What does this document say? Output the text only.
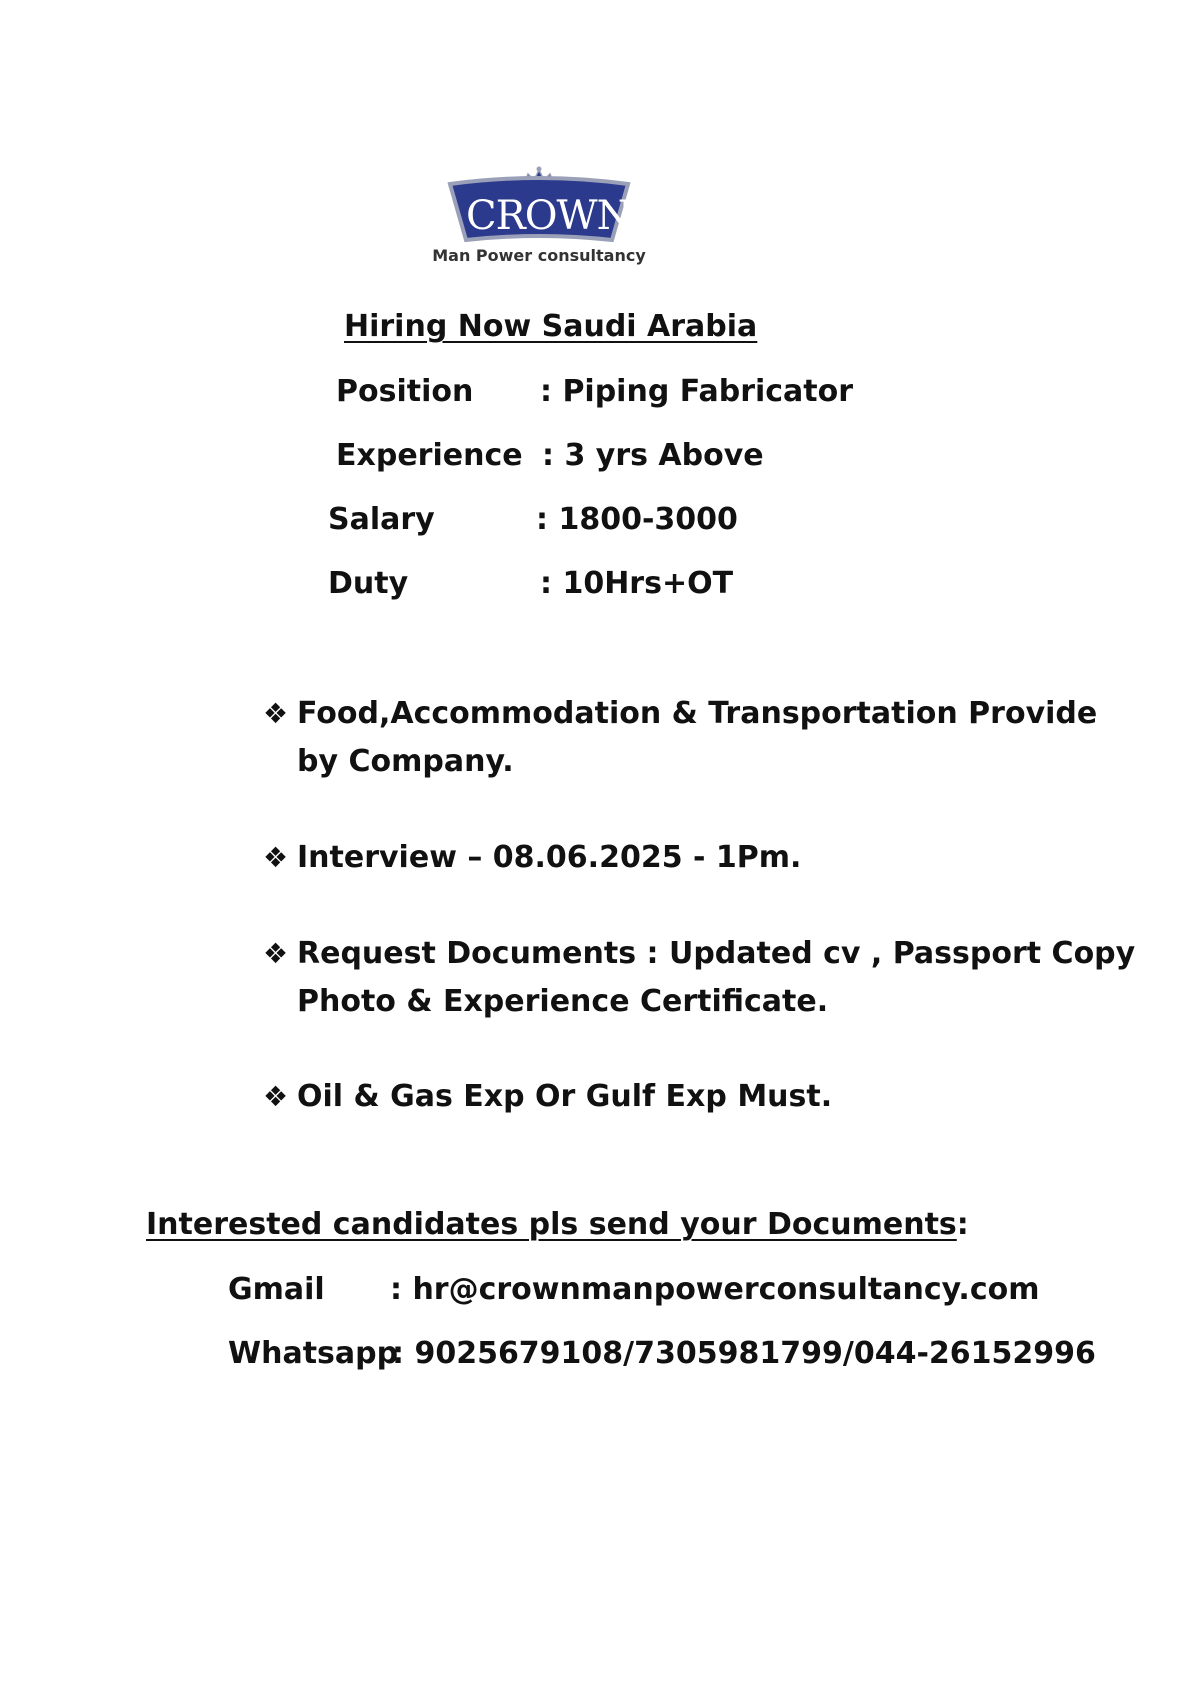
CROWN
Man Power consultancy
Hiring Now Saudi Arabia
Position : Piping Fabricator
Experience : 3 yrs Above
Salary	: 1800-3000
Duty	: 10Hrs+OT
❖ Food,Accommodation & Transportation Provide
by Company.
❖ Interview – 08.06.2025 - 1Pm.
❖ Request Documents : Updated cv , Passport Copy
Photo & Experience Certificate.
❖ Oil & Gas Exp Or Gulf Exp Must.
Interested candidates pls send your Documents:
Gmail : hr@crownmanpowerconsultancy.com
Whatsapp
: 9025679108/7305981799/044-26152996
